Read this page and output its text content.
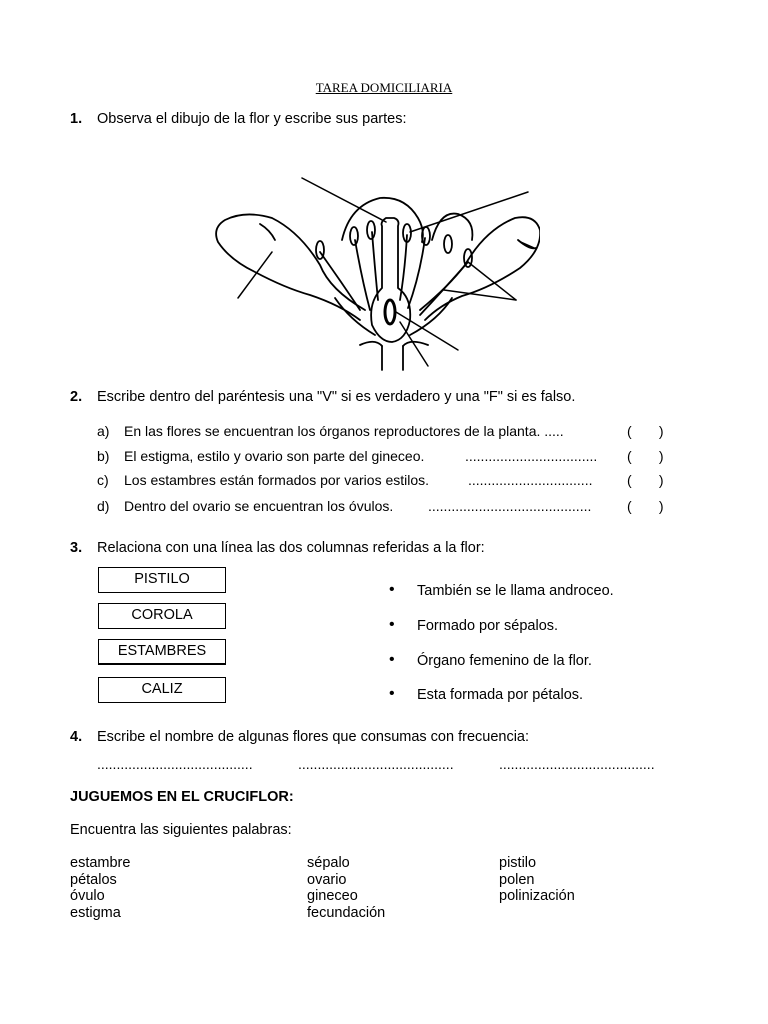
TAREA DOMICILIARIA
1. Observa el dibujo de la flor y escribe sus partes:
2. Escribe dentro del paréntesis una "V" si es verdadero y una "F" si es falso.
a) En las flores se encuentran los órganos reproductores de la planta. .....	(       )
b) El estigma, estilo y ovario son parte del gineceo.	.................................. (       )
c) Los estambres están formados por varios estilos.	................................ (       )
d) Dentro del ovario se encuentran los óvulos. ..........................................	(       )
3. Relaciona con una línea las dos columnas referidas a la flor:
PISTILO
COROLA
ESTAMBRES
CALIZ
• También se le llama androceo.
• Formado por sépalos.
• Órgano femenino de la flor.
• Esta formada por pétalos.
4. Escribe el nombre de algunas flores que consumas con frecuencia:
........................................	........................................	........................................
JUGUEMOS EN EL CRUCIFLOR:
Encuentra las siguientes palabras:
estambre
pétalos
óvulo
estigma
sépalo
ovario
gineceo
fecundación
pistilo
polen
polinización
